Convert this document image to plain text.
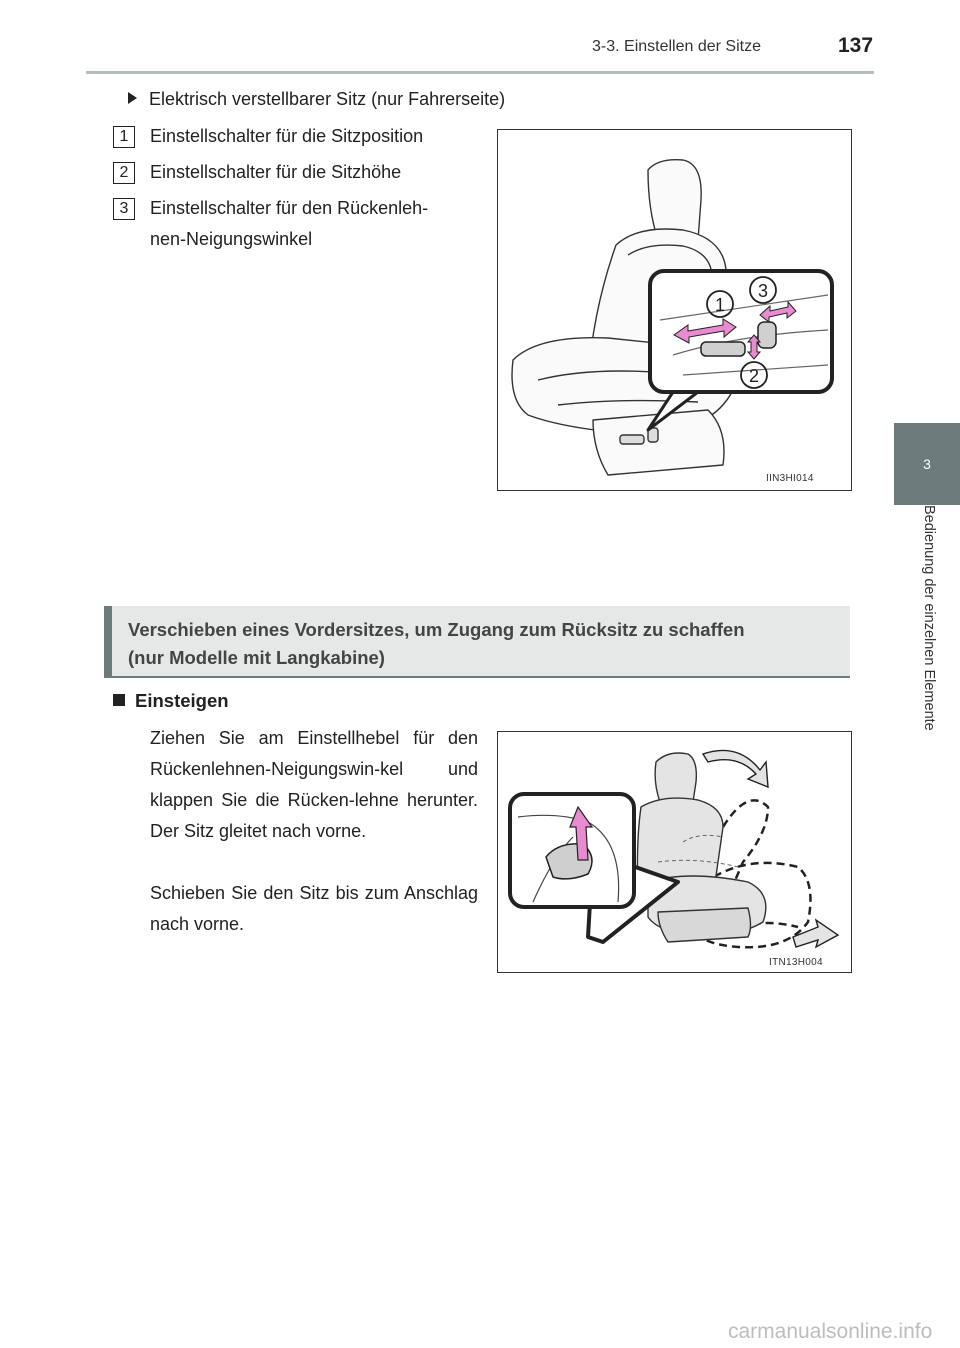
3-3. Einstellen der Sitze	137
3
Bedienung der einzelnen Elemente
Elektrisch verstellbarer Sitz (nur Fahrerseite)
1	Einstellschalter für die Sitzposition
2	Einstellschalter für die Sitzhöhe
3	Einstellschalter für den Rückenleh-
nen-Neigungswinkel
1
3
2
IIN3HI014
Verschieben eines Vordersitzes, um Zugang zum Rücksitz zu schaffen
(nur Modelle mit Langkabine)
Einsteigen
Ziehen Sie am Einstellhebel für den Rückenlehnen-Neigungswin-kel und klappen Sie die Rücken-lehne herunter. Der Sitz gleitet nach vorne.
Schieben Sie den Sitz bis zum Anschlag nach vorne.
ITN13H004
carmanualsonline.info
